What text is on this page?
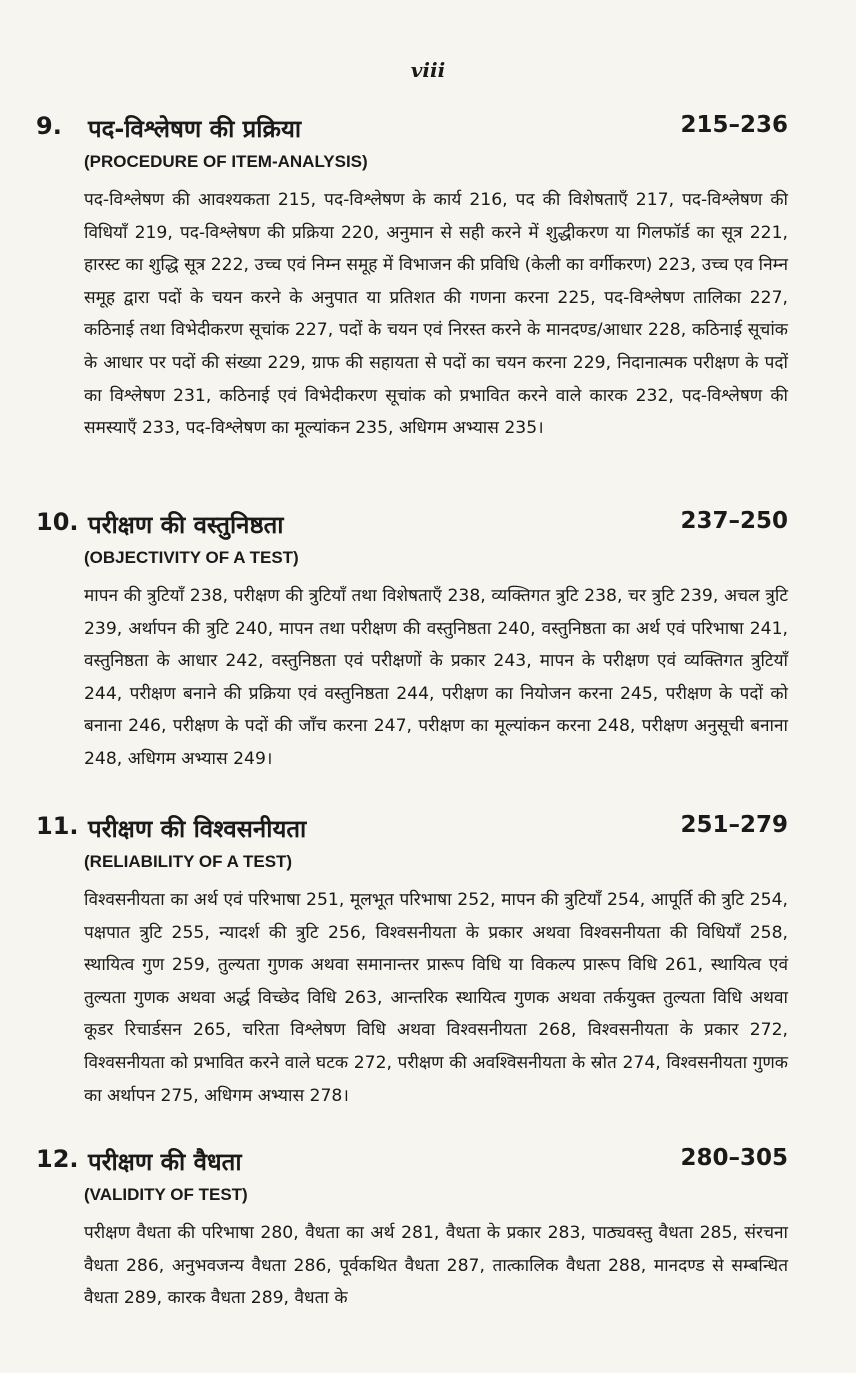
viii
9. पद-विश्लेषण की प्रक्रिया	215–236
(PROCEDURE OF ITEM-ANALYSIS)
पद-विश्लेषण की आवश्यकता 215, पद-विश्लेषण के कार्य 216, पद की विशेषताएँ 217, पद-विश्लेषण की विधियाँ 219, पद-विश्लेषण की प्रक्रिया 220, अनुमान से सही करने में शुद्धीकरण या गिलफॉर्ड का सूत्र 221, हारस्ट का शुद्धि सूत्र 222, उच्च एवं निम्न समूह में विभाजन की प्रविधि (केली का वर्गीकरण) 223, उच्च एव निम्न समूह द्वारा पदों के चयन करने के अनुपात या प्रतिशत की गणना करना 225, पद-विश्लेषण तालिका 227, कठिनाई तथा विभेदीकरण सूचांक 227, पदों के चयन एवं निरस्त करने के मानदण्ड/आधार 228, कठिनाई सूचांक के आधार पर पदों की संख्या 229, ग्राफ की सहायता से पदों का चयन करना 229, निदानात्मक परीक्षण के पदों का विश्लेषण 231, कठिनाई एवं विभेदीकरण सूचांक को प्रभावित करने वाले कारक 232, पद-विश्लेषण की समस्याएँ 233, पद-विश्लेषण का मूल्यांकन 235, अधिगम अभ्यास 235।
10. परीक्षण की वस्तुनिष्ठता	237–250
(OBJECTIVITY OF A TEST)
मापन की त्रुटियाँ 238, परीक्षण की त्रुटियाँ तथा विशेषताएँ 238, व्यक्तिगत त्रुटि 238, चर त्रुटि 239, अचल त्रुटि 239, अर्थापन की त्रुटि 240, मापन तथा परीक्षण की वस्तुनिष्ठता 240, वस्तुनिष्ठता का अर्थ एवं परिभाषा 241, वस्तुनिष्ठता के आधार 242, वस्तुनिष्ठता एवं परीक्षणों के प्रकार 243, मापन के परीक्षण एवं व्यक्तिगत त्रुटियाँ 244, परीक्षण बनाने की प्रक्रिया एवं वस्तुनिष्ठता 244, परीक्षण का नियोजन करना 245, परीक्षण के पदों को बनाना 246, परीक्षण के पदों की जाँच करना 247, परीक्षण का मूल्यांकन करना 248, परीक्षण अनुसूची बनाना 248, अधिगम अभ्यास 249।
11. परीक्षण की विश्वसनीयता	251–279
(RELIABILITY OF A TEST)
विश्वसनीयता का अर्थ एवं परिभाषा 251, मूलभूत परिभाषा 252, मापन की त्रुटियाँ 254, आपूर्ति की त्रुटि 254, पक्षपात त्रुटि 255, न्यादर्श की त्रुटि 256, विश्वसनीयता के प्रकार अथवा विश्वसनीयता की विधियाँ 258, स्थायित्व गुण 259, तुल्यता गुणक अथवा समानान्तर प्रारूप विधि या विकल्प प्रारूप विधि 261, स्थायित्व एवं तुल्यता गुणक अथवा अर्द्ध विच्छेद विधि 263, आन्तरिक स्थायित्व गुणक अथवा तर्कयुक्त तुल्यता विधि अथवा कूडर रिचार्डसन 265, चरिता विश्लेषण विधि अथवा विश्वसनीयता 268, विश्वसनीयता के प्रकार 272, विश्वसनीयता को प्रभावित करने वाले घटक 272, परीक्षण की अवश्विसनीयता के स्रोत 274, विश्वसनीयता गुणक का अर्थापन 275, अधिगम अभ्यास 278।
12. परीक्षण की वैधता	280–305
(VALIDITY OF TEST)
परीक्षण वैधता की परिभाषा 280, वैधता का अर्थ 281, वैधता के प्रकार 283, पाठ्यवस्तु वैधता 285, संरचना वैधता 286, अनुभवजन्य वैधता 286, पूर्वकथित वैधता 287, तात्कालिक वैधता 288, मानदण्ड से सम्बन्धित वैधता 289, कारक वैधता 289, वैधता के
